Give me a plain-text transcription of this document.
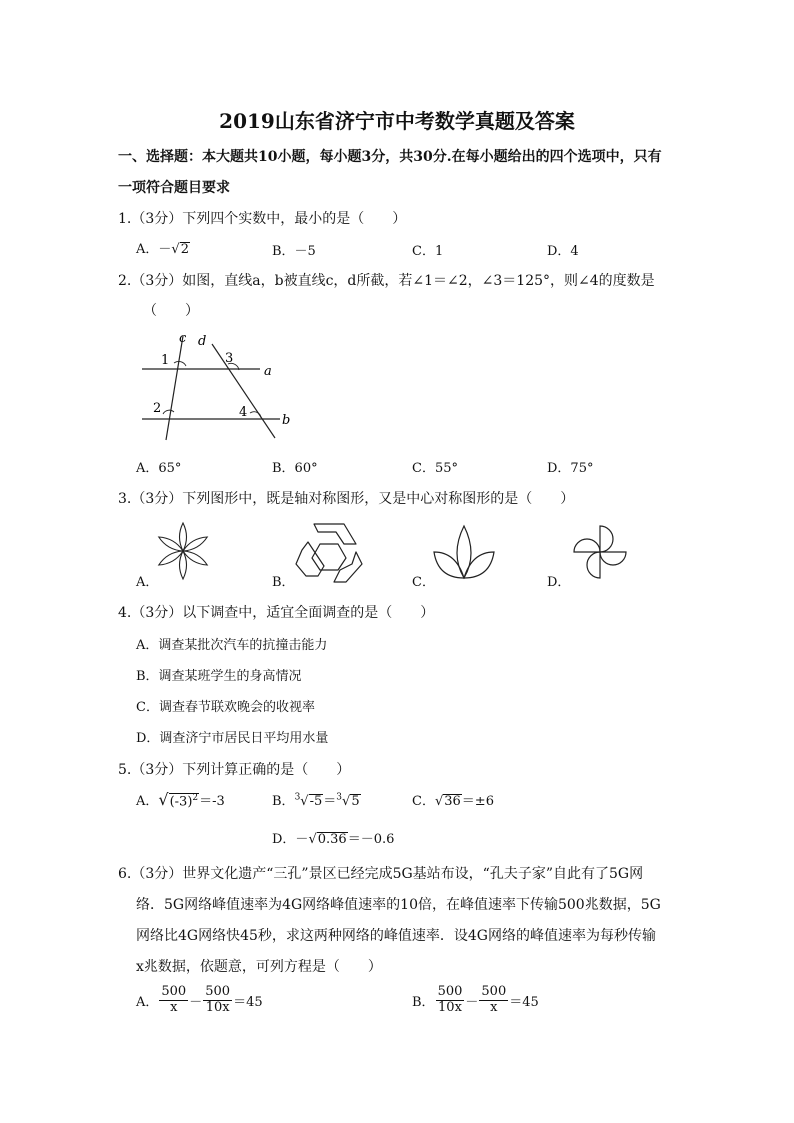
2019山东省济宁市中考数学真题及答案
一、选择题：本大题共10小题，每小题3分，共30分.在每小题给出的四个选项中，只有
一项符合题目要求
1.（3分）下列四个实数中，最小的是（　　）
A．－√2	B．－5	C．1	D．4
2.（3分）如图，直线a，b被直线c，d所截，若∠1＝∠2，∠3＝125°，则∠4的度数是
（　　）
c d
a
b
1
2
3
4
A．65°	B．60°	C．55°	D．75°
3.（3分）下列图形中，既是轴对称图形，又是中心对称图形的是（　　）
A．	B．	C．	D．
4.（3分）以下调查中，适宜全面调查的是（　　）
A．调查某批次汽车的抗撞击能力
B．调查某班学生的身高情况
C．调查春节联欢晚会的收视率
D．调查济宁市居民日平均用水量
5.（3分）下列计算正确的是（　　）
A．$√(-3)^2=-3$	B．$^3$√-5＝$^3$√5	C．√36＝±6
D．－√0.36＝－0.6
6.（3分）世界文化遗产“三孔”景区已经完成5G基站布设，“孔夫子家”自此有了5G网
络．5G网络峰值速率为4G网络峰值速率的10倍，在峰值速率下传输500兆数据，5G
网络比4G网络快45秒，求这两种网络的峰值速率．设4G网络的峰值速率为每秒传输
x兆数据，依题意，可列方程是（　　）
A． $\frac{500}{x} - \frac{500}{10x} =45$	B． $\frac{500}{10x} - \frac{500}{x} =45$
